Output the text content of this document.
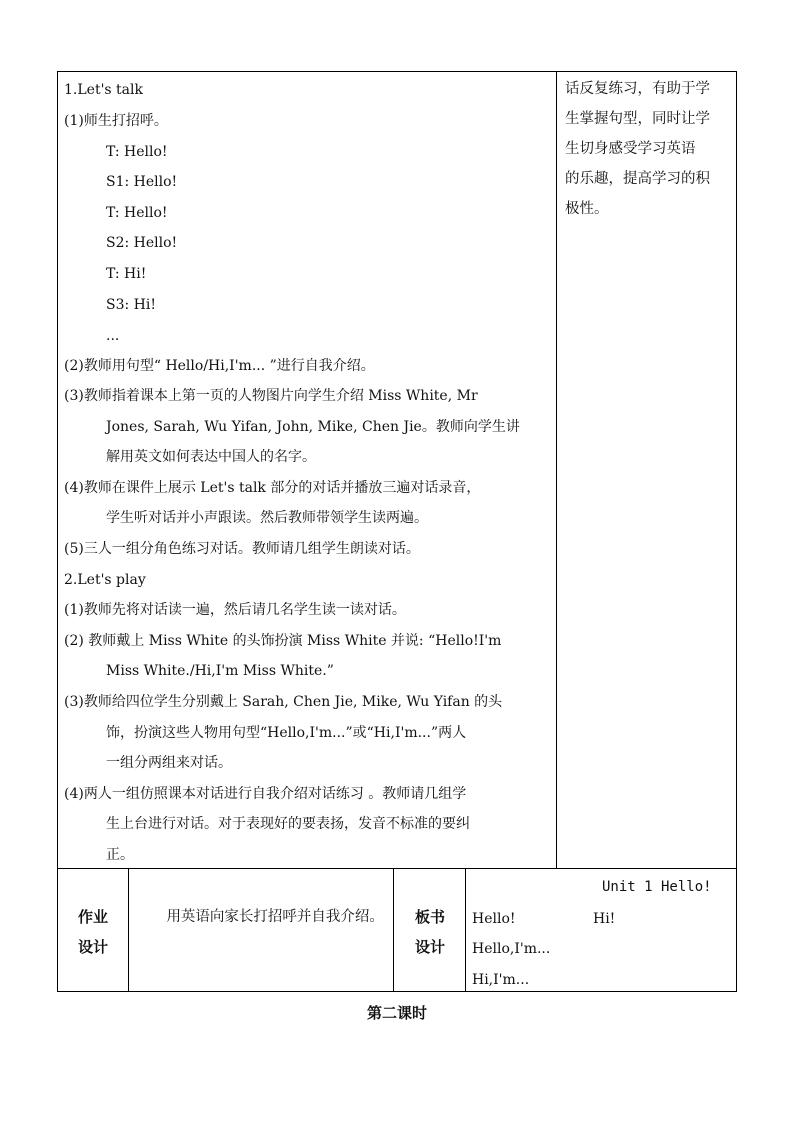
1.Let's talk
(1)师生打招呼。
T: Hello!
S1: Hello!
T: Hello!
S2: Hello!
T: Hi!
S3: Hi!
...
(2)教师用句型“ Hello/Hi,I'm... ”进行自我介绍。
(3)教师指着课本上第一页的人物图片向学生介绍 Miss White, Mr
Jones, Sarah, Wu Yifan, John, Mike, Chen Jie。教师向学生讲
解用英文如何表达中国人的名字。
(4)教师在课件上展示 Let's talk 部分的对话并播放三遍对话录音，
学生听对话并小声跟读。然后教师带领学生读两遍。
(5)三人一组分角色练习对话。教师请几组学生朗读对话。
2.Let's play
(1)教师先将对话读一遍，然后请几名学生读一读对话。
(2) 教师戴上 Miss White 的头饰扮演 Miss White 并说: “Hello!I'm
Miss White./Hi,I'm Miss White.”
(3)教师给四位学生分别戴上 Sarah, Chen Jie, Mike, Wu Yifan 的头
饰，扮演这些人物用句型“Hello,I'm...”或“Hi,I'm...”两人
一组分两组来对话。
(4)两人一组仿照课本对话进行自我介绍对话练习 。教师请几组学
生上台进行对话。对于表现好的要表扬，发音不标准的要纠
正。
话反复练习，有助于学
生掌握句型，同时让学
生切身感受学习英语
的乐趣，提高学习的积
极性。
作业
设计
用英语向家长打招呼并自我介绍。	板书
设计
Unit 1 Hello!
Hello!	Hi!
Hello,I'm...
Hi,I'm...
第二课时
